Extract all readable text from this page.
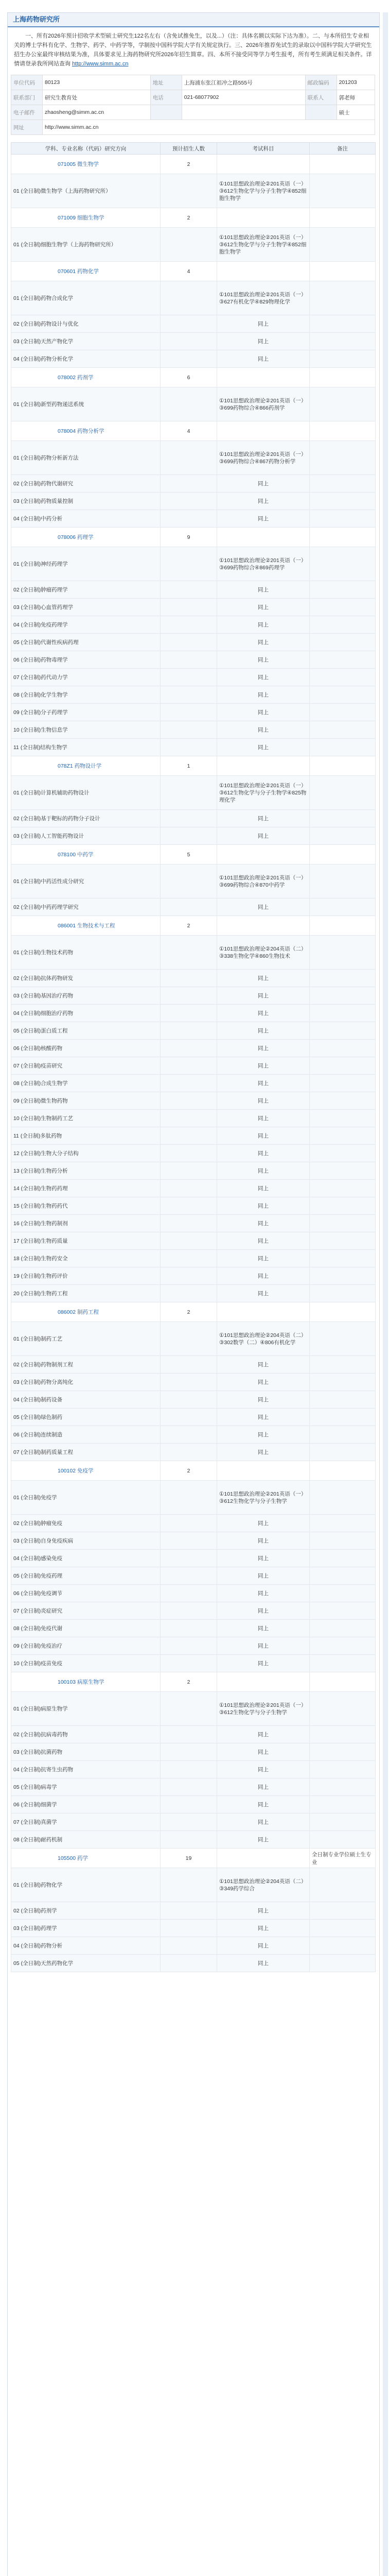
上海药物研究所
一、所有2026年预计招收学术型硕士研究生122名左右（含免试推免生，以及...）（注：具体名额以实际下达为准）。二、与本所招生专业相关的博士学科有化学、生物学、药学、中药学等，学制按中国科学院大学有关规定执行。三、2026年推荐免试生的录取以中国科学院大学研究生招生办公室最终审核结果为准，具体要求见上海药物研究所2026年招生简章。四、本所不接受同等学力考生报考，所有考生须满足相关条件。详情请登录我所网站查询 http://www.simm.ac.cn
单位代码	80123	地址	上海浦东张江祖冲之路555号	邮政编码	201203
联系部门	研究生教育处	电话	021-68077902	联系人	郭老师
电子邮件	zhaosheng@simm.ac.cn				硕士
网址	http://www.simm.ac.cn				
学科、专业名称（代码）研究方向	预计招生人数	考试科目	备注
071005 微生物学	2		
01 (全日制)微生物学（上海药物研究所）		①101思想政治理论②201英语（一）③612生物化学与分子生物学④852细胞生物学	
071009 细胞生物学	2		
01 (全日制)细胞生物学（上海药物研究所）		①101思想政治理论②201英语（一）③612生物化学与分子生物学④852细胞生物学	
070601 药物化学	4		
01 (全日制)药物合成化学		①101思想政治理论②201英语（一）③627有机化学④829物理化学	
02 (全日制)药物设计与优化		同上	
03 (全日制)天然产物化学		同上	
04 (全日制)药物分析化学		同上	
078002 药剂学	6		
01 (全日制)新型药物递送系统		①101思想政治理论②201英语（一）③699药物综合④866药剂学	
078004 药物分析学	4		
01 (全日制)药物分析新方法		①101思想政治理论②201英语（一）③699药物综合④867药物分析学	
02 (全日制)药物代谢研究		同上	
03 (全日制)药物质量控制		同上	
04 (全日制)中药分析		同上	
078006 药理学	9		
01 (全日制)神经药理学		①101思想政治理论②201英语（一）③699药物综合④869药理学	
02 (全日制)肿瘤药理学		同上	
03 (全日制)心血管药理学		同上	
04 (全日制)免疫药理学		同上	
05 (全日制)代谢性疾病药理		同上	
06 (全日制)药物毒理学		同上	
07 (全日制)药代动力学		同上	
08 (全日制)化学生物学		同上	
09 (全日制)分子药理学		同上	
10 (全日制)生物信息学		同上	
11 (全日制)结构生物学		同上	
078Z1 药物设计学	1		
01 (全日制)计算机辅助药物设计		①101思想政治理论②201英语（一）③612生物化学与分子生物学④825物理化学	
02 (全日制)基于靶标的药物分子设计		同上	
03 (全日制)人工智能药物设计		同上	
078100 中药学	5		
01 (全日制)中药活性成分研究		①101思想政治理论②201英语（一）③699药物综合④870中药学	
02 (全日制)中药药理学研究		同上	
086001 生物技术与工程	2		
01 (全日制)生物技术药物		①101思想政治理论②204英语（二）③338生物化学④860生物技术	
02 (全日制)抗体药物研发		同上	
03 (全日制)基因治疗药物		同上	
04 (全日制)细胞治疗药物		同上	
05 (全日制)蛋白质工程		同上	
06 (全日制)核酸药物		同上	
07 (全日制)疫苗研究		同上	
08 (全日制)合成生物学		同上	
09 (全日制)微生物药物		同上	
10 (全日制)生物制药工艺		同上	
11 (全日制)多肽药物		同上	
12 (全日制)生物大分子结构		同上	
13 (全日制)生物药分析		同上	
14 (全日制)生物药药理		同上	
15 (全日制)生物药药代		同上	
16 (全日制)生物药制剂		同上	
17 (全日制)生物药质量		同上	
18 (全日制)生物药安全		同上	
19 (全日制)生物药评价		同上	
20 (全日制)生物药工程		同上	
086002 制药工程	2		
01 (全日制)制药工艺		①101思想政治理论②204英语（二）③302数学（二）④806有机化学	
02 (全日制)药物制剂工程		同上	
03 (全日制)药物分离纯化		同上	
04 (全日制)制药设备		同上	
05 (全日制)绿色制药		同上	
06 (全日制)连续制造		同上	
07 (全日制)制药质量工程		同上	
100102 免疫学	2		
01 (全日制)免疫学		①101思想政治理论②201英语（一）③612生物化学与分子生物学	
02 (全日制)肿瘤免疫		同上	
03 (全日制)自身免疫疾病		同上	
04 (全日制)感染免疫		同上	
05 (全日制)免疫药理		同上	
06 (全日制)免疫调节		同上	
07 (全日制)炎症研究		同上	
08 (全日制)免疫代谢		同上	
09 (全日制)免疫治疗		同上	
10 (全日制)疫苗免疫		同上	
100103 病原生物学	2		
01 (全日制)病原生物学		①101思想政治理论②201英语（一）③612生物化学与分子生物学	
02 (全日制)抗病毒药物		同上	
03 (全日制)抗菌药物		同上	
04 (全日制)抗寄生虫药物		同上	
05 (全日制)病毒学		同上	
06 (全日制)细菌学		同上	
07 (全日制)真菌学		同上	
08 (全日制)耐药机制		同上	
105500 药学	19		全日制专业学位硕士生专业
01 (全日制)药物化学		①101思想政治理论②204英语（二）③349药学综合	
02 (全日制)药剂学		同上	
03 (全日制)药理学		同上	
04 (全日制)药物分析		同上	
05 (全日制)天然药物化学		同上	
